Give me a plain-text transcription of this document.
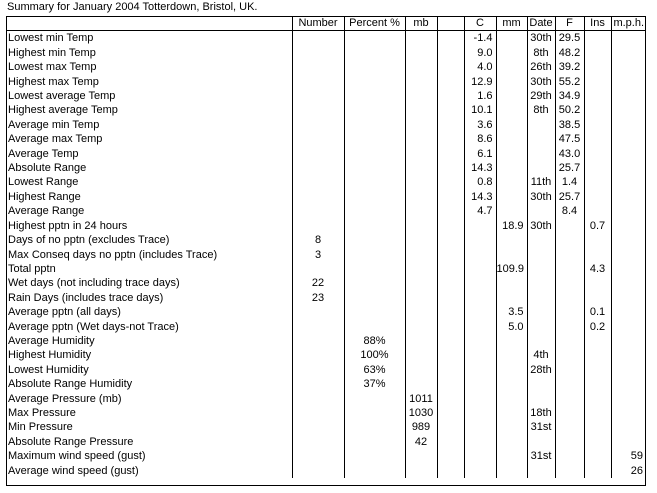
Summary for January 2004 Totterdown, Bristol, UK.
	Number	Percent %	mb		C	mm	Date	F	Ins	m.p.h.
Lowest min Temp					-1.4		30th	29.5		
Highest min Temp					9.0		8th	48.2		
Lowest max Temp					4.0		26th	39.2		
Highest max Temp					12.9		30th	55.2		
Lowest average Temp					1.6		29th	34.9		
Highest average Temp					10.1		8th	50.2		
Average min Temp					3.6			38.5		
Average max Temp					8.6			47.5		
Average Temp					6.1			43.0		
Absolute Range					14.3			25.7		
Lowest Range					0.8		11th	1.4		
Highest Range					14.3		30th	25.7		
Average Range					4.7			8.4		
Highest pptn in 24 hours						18.9	30th		0.7	
Days of no pptn (excludes Trace)	8									
Max Conseq days no pptn (includes Trace)	3									
Total pptn						109.9			4.3	
Wet days (not including trace days)	22									
Rain Days (includes trace days)	23									
Average pptn (all days)						3.5			0.1	
Average pptn (Wet days-not Trace)						5.0			0.2	
Average Humidity		88%								
Highest Humidity		100%					4th			
Lowest Humidity		63%					28th			
Absolute Range Humidity		37%								
Average Pressure (mb)			1011							
Max Pressure			1030				18th			
Min Pressure			989				31st			
Absolute Range Pressure			42							
Maximum wind speed (gust)							31st			59
Average wind speed (gust)										26
